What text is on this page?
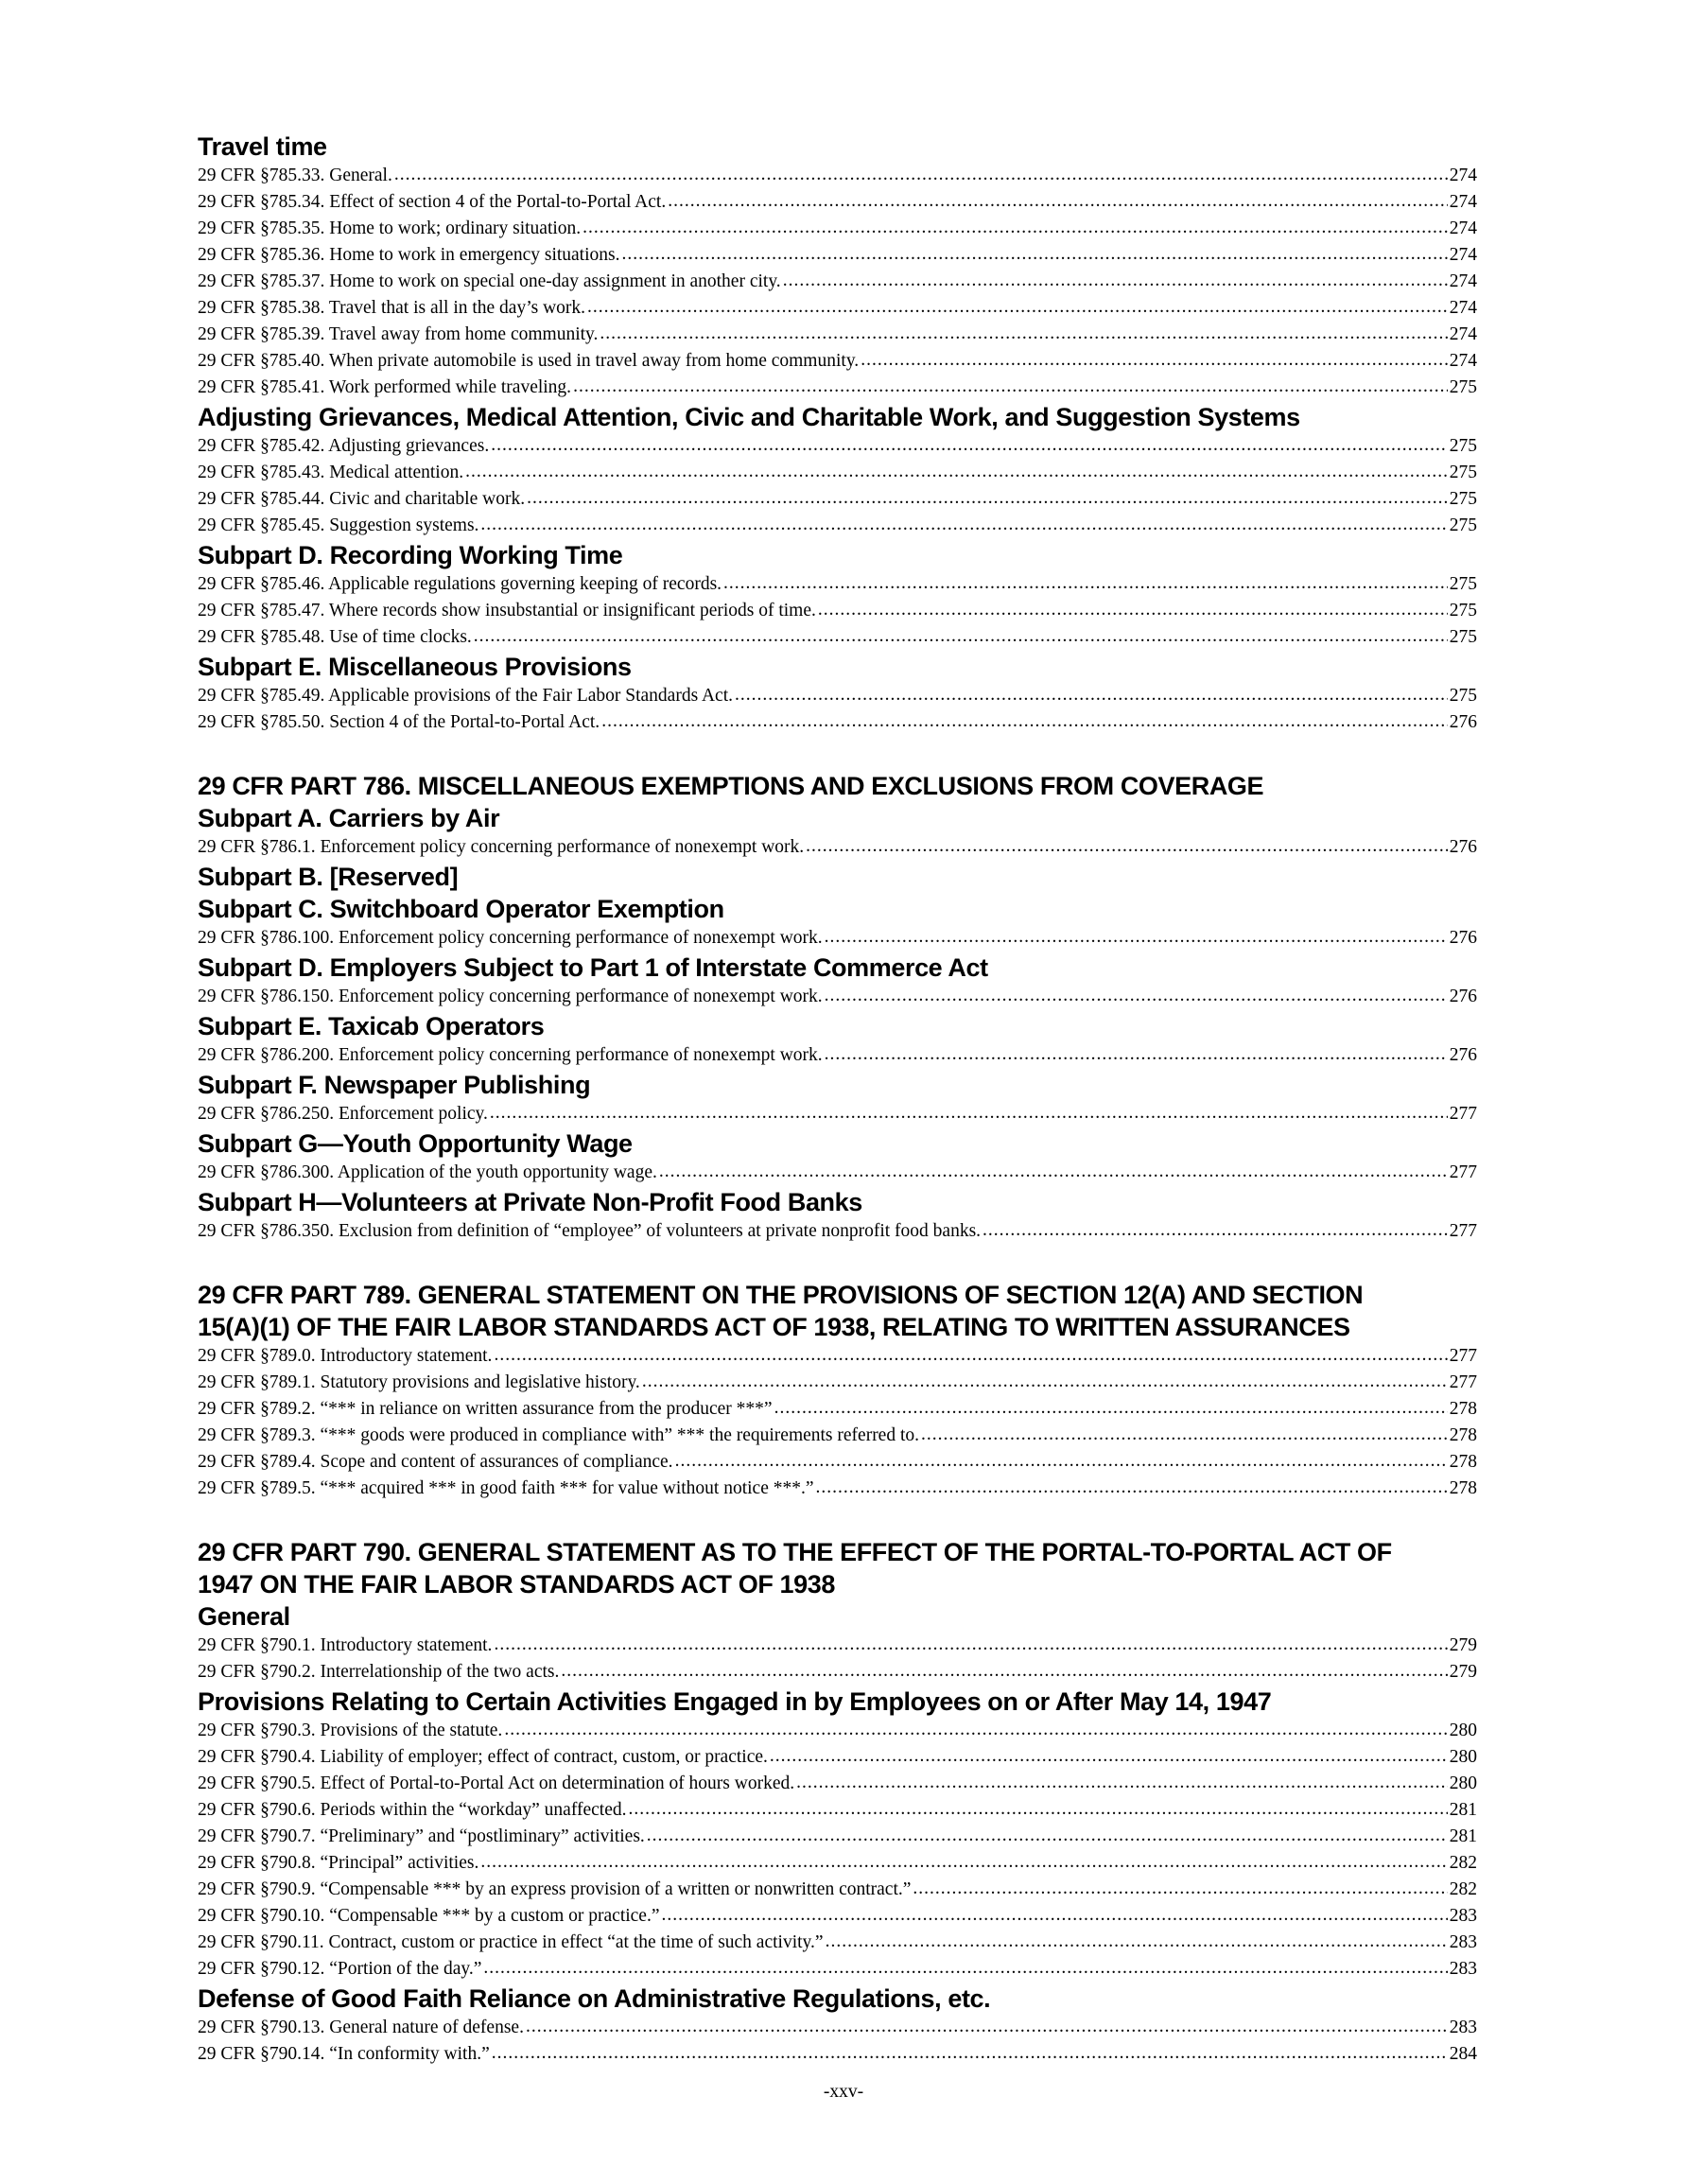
Travel time
29 CFR §785.33. General. .....	274
29 CFR §785.34. Effect of section 4 of the Portal-to-Portal Act. .....	274
29 CFR §785.35. Home to work; ordinary situation. .....	274
29 CFR §785.36. Home to work in emergency situations. .....	274
29 CFR §785.37. Home to work on special one-day assignment in another city. .....	274
29 CFR §785.38. Travel that is all in the day’s work. .....	274
29 CFR §785.39. Travel away from home community. .....	274
29 CFR §785.40. When private automobile is used in travel away from home community. .....	274
29 CFR §785.41. Work performed while traveling. .....	275
Adjusting Grievances, Medical Attention, Civic and Charitable Work, and Suggestion Systems
29 CFR §785.42. Adjusting grievances. .....	275
29 CFR §785.43. Medical attention. .....	275
29 CFR §785.44. Civic and charitable work. .....	275
29 CFR §785.45. Suggestion systems. .....	275
Subpart D. Recording Working Time
29 CFR §785.46. Applicable regulations governing keeping of records. .....	275
29 CFR §785.47. Where records show insubstantial or insignificant periods of time. .....	275
29 CFR §785.48. Use of time clocks. .....	275
Subpart E. Miscellaneous Provisions
29 CFR §785.49. Applicable provisions of the Fair Labor Standards Act. .....	275
29 CFR §785.50. Section 4 of the Portal-to-Portal Act. .....	276
29 CFR PART 786. MISCELLANEOUS EXEMPTIONS AND EXCLUSIONS FROM COVERAGE
Subpart A. Carriers by Air
29 CFR §786.1. Enforcement policy concerning performance of nonexempt work. .....	276
Subpart B. [Reserved]
Subpart C. Switchboard Operator Exemption
29 CFR §786.100. Enforcement policy concerning performance of nonexempt work. .....	276
Subpart D. Employers Subject to Part 1 of Interstate Commerce Act
29 CFR §786.150. Enforcement policy concerning performance of nonexempt work. .....	276
Subpart E. Taxicab Operators
29 CFR §786.200. Enforcement policy concerning performance of nonexempt work. .....	276
Subpart F. Newspaper Publishing
29 CFR §786.250. Enforcement policy. .....	277
Subpart G—Youth Opportunity Wage
29 CFR §786.300. Application of the youth opportunity wage. .....	277
Subpart H—Volunteers at Private Non-Profit Food Banks
29 CFR §786.350. Exclusion from definition of “employee” of volunteers at private nonprofit food banks. .....	277
29 CFR PART 789. GENERAL STATEMENT ON THE PROVISIONS OF SECTION 12(A) AND SECTION
15(A)(1) OF THE FAIR LABOR STANDARDS ACT OF 1938, RELATING TO WRITTEN ASSURANCES
29 CFR §789.0. Introductory statement. .....	277
29 CFR §789.1. Statutory provisions and legislative history. .....	277
29 CFR §789.2. “*** in reliance on written assurance from the producer ***” .....	278
29 CFR §789.3. “*** goods were produced in compliance with” *** the requirements referred to. .....	278
29 CFR §789.4. Scope and content of assurances of compliance. .....	278
29 CFR §789.5. “*** acquired *** in good faith *** for value without notice ***.” .....	278
29 CFR PART 790. GENERAL STATEMENT AS TO THE EFFECT OF THE PORTAL-TO-PORTAL ACT OF
1947 ON THE FAIR LABOR STANDARDS ACT OF 1938
General
29 CFR §790.1. Introductory statement. .....	279
29 CFR §790.2. Interrelationship of the two acts. .....	279
Provisions Relating to Certain Activities Engaged in by Employees on or After May 14, 1947
29 CFR §790.3. Provisions of the statute. .....	280
29 CFR §790.4. Liability of employer; effect of contract, custom, or practice. .....	280
29 CFR §790.5. Effect of Portal-to-Portal Act on determination of hours worked. .....	280
29 CFR §790.6. Periods within the “workday” unaffected. .....	281
29 CFR §790.7. “Preliminary” and “postliminary” activities. .....	281
29 CFR §790.8. “Principal” activities. .....	282
29 CFR §790.9. “Compensable *** by an express provision of a written or nonwritten contract.” .....	282
29 CFR §790.10. “Compensable *** by a custom or practice.” .....	283
29 CFR §790.11. Contract, custom or practice in effect “at the time of such activity.” .....	283
29 CFR §790.12. “Portion of the day.” .....	283
Defense of Good Faith Reliance on Administrative Regulations, etc.
29 CFR §790.13. General nature of defense. .....	283
29 CFR §790.14. “In conformity with.” .....	284
-xxv-
